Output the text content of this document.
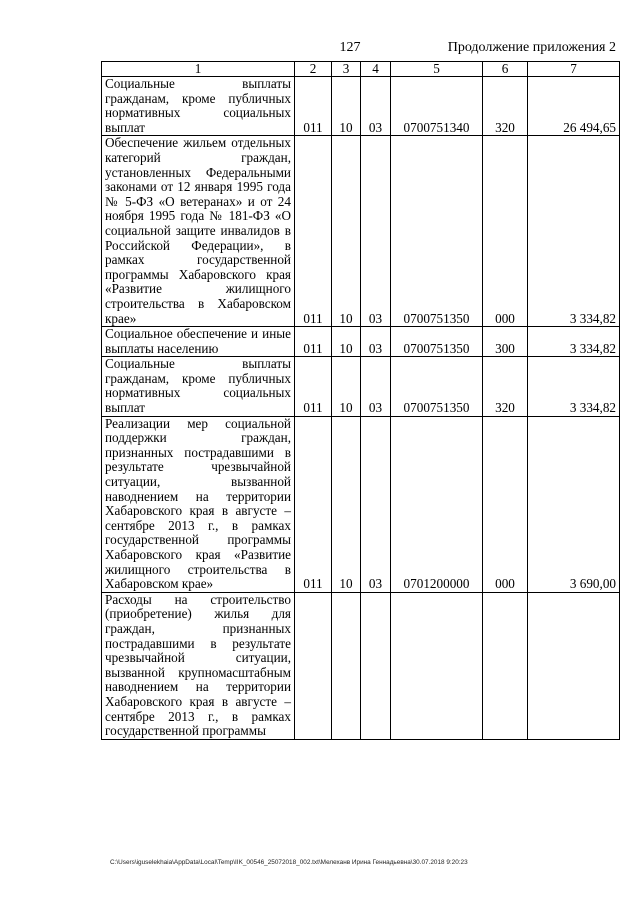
127	Продолжение приложения 2
1	2	3	4	5	6	7
Социальные выплаты гражданам, кроме публичных нормативных социальных выплат	011	10	03	0700751340	320	26 494,65
Обеспечение жильем отдельных категорий граждан, установленных Федеральными законами от 12 января 1995 года № 5-ФЗ «О ветеранах» и от 24 ноября 1995 года № 181-ФЗ «О социальной защите инвалидов в Российской Федерации», в рамках государственной программы Хабаровского края «Развитие жилищного строительства в Хабаровском крае»	011	10	03	0700751350	000	3 334,82
Социальное обеспечение и иные выплаты населению	011	10	03	0700751350	300	3 334,82
Социальные выплаты гражданам, кроме публичных нормативных социальных выплат	011	10	03	0700751350	320	3 334,82
Реализации мер социальной поддержки граждан, признанных пострадавшими в результате чрезвычайной ситуации, вызванной наводнением на территории Хабаровского края в августе – сентябре 2013 г., в рамках государственной программы Хабаровского края «Развитие жилищного строительства в Хабаровском крае»	011	10	03	0701200000	000	3 690,00
Расходы на строительство (приобретение) жилья для граждан, признанных пострадавшими в результате чрезвычайной ситуации, вызванной крупномасштабным наводнением на территории Хабаровского края в августе – сентябре 2013 г., в рамках государственной программы						
C:\Users\iguselekhaia\AppData\Local\Temp\IIK_00546_25072018_002.txt\Мелеханв Ирина Геннадьевна\30.07.2018 9:20:23
